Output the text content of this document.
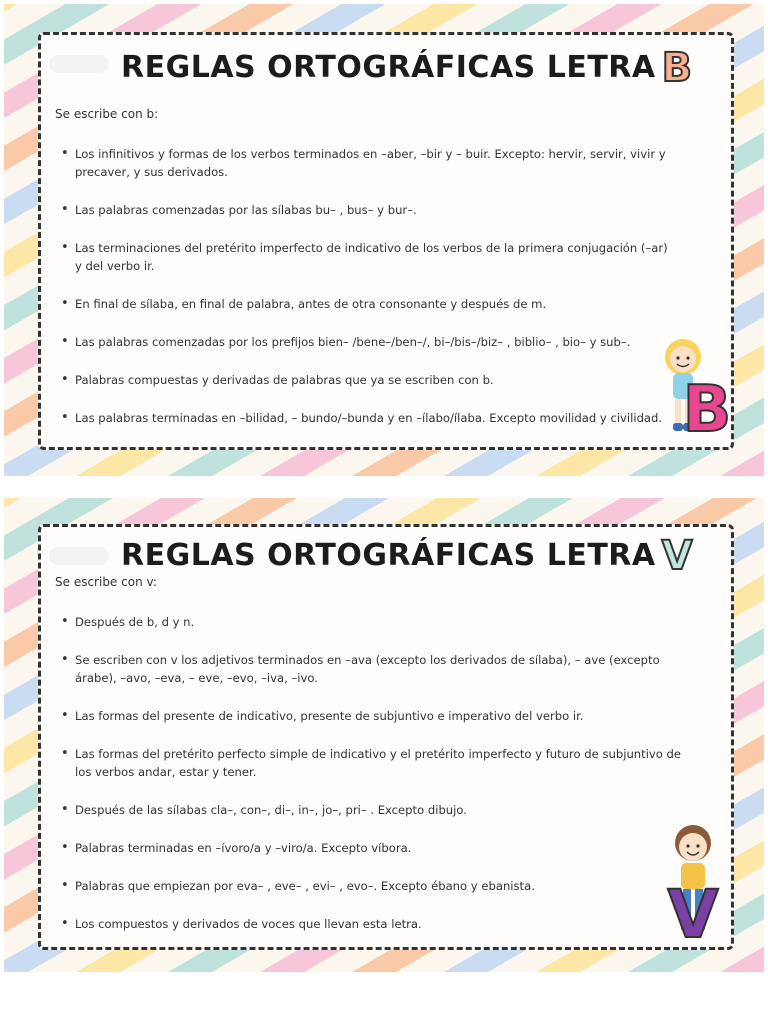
REGLAS ORTOGRÁFICAS LETRA B
Se escribe con b:
• Los infinitivos y formas de los verbos terminados en –aber, –bir y – buir. Excepto: hervir, servir, vivir y precaver, y sus derivados.
• Las palabras comenzadas por las sílabas bu– , bus– y bur–.
• Las terminaciones del pretérito imperfecto de indicativo de los verbos de la primera conjugación (–ar) y del verbo ir.
• En final de sílaba, en final de palabra, antes de otra consonante y después de m.
• Las palabras comenzadas por los prefijos bien– /bene–/ben–/, bi–/bis–/biz– , biblio– , bio– y sub–.
• Palabras compuestas y derivadas de palabras que ya se escriben con b.
• Las palabras terminadas en –bilidad, – bundo/–bunda y en –ílabo/ílaba. Excepto movilidad y civilidad. B
REGLAS ORTOGRÁFICAS LETRA V
Se escribe con v:
• Después de b, d y n.
• Se escriben con v los adjetivos terminados en –ava (excepto los derivados de sílaba), – ave (excepto árabe), –avo, –eva, – eve, –evo, –iva, –ivo.
• Las formas del presente de indicativo, presente de subjuntivo e imperativo del verbo ir.
• Las formas del pretérito perfecto simple de indicativo y el pretérito imperfecto y futuro de subjuntivo de los verbos andar, estar y tener.
• Después de las sílabas cla–, con–, di–, in–, jo–, pri– . Excepto dibujo.
• Palabras terminadas en –ívoro/a y –viro/a. Excepto víbora.
• Palabras que empiezan por eva– , eve– , evi– , evo–. Excepto ébano y ebanista.
• Los compuestos y derivados de voces que llevan esta letra.	V
